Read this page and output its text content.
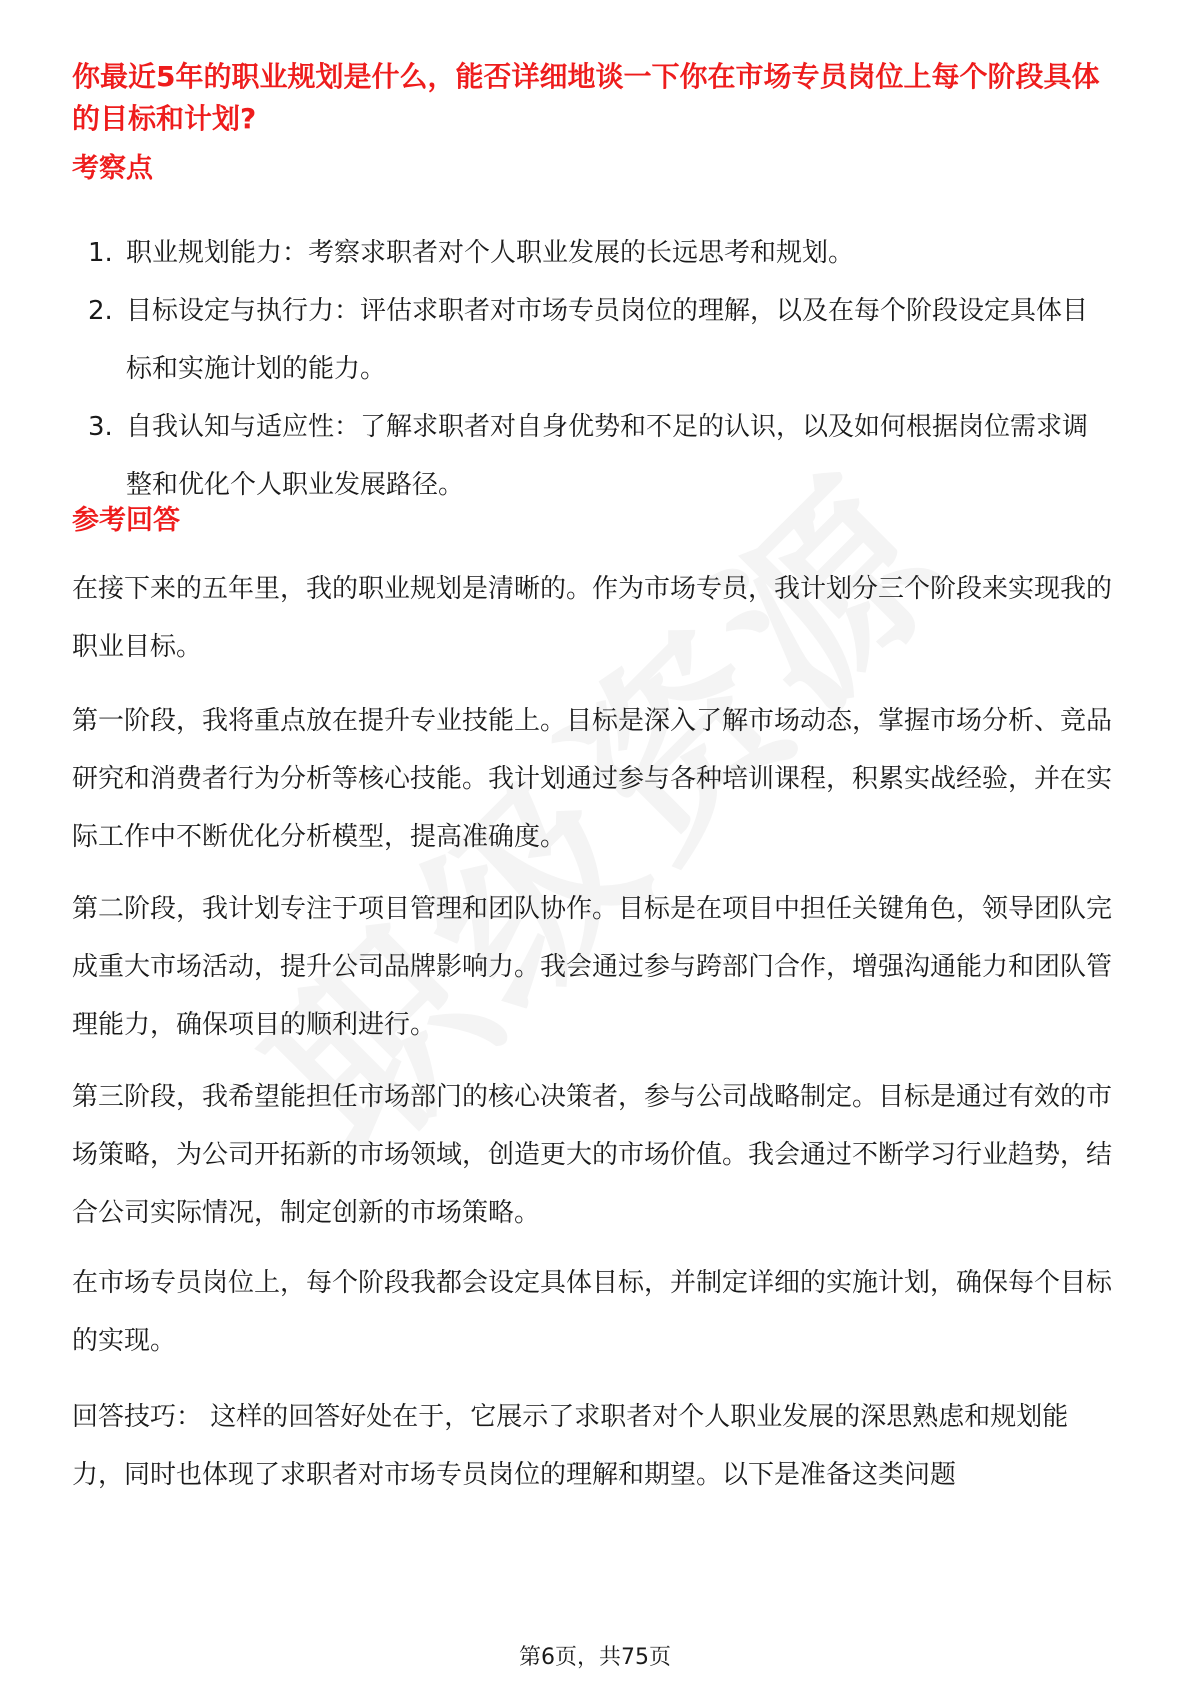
你最近5年的职业规划是什么，能否详细地谈一下你在市场专员岗位上每个阶段具体的目标和计划?
考察点
1. 职业规划能力：考察求职者对个人职业发展的长远思考和规划。
2. 目标设定与执行力：评估求职者对市场专员岗位的理解，以及在每个阶段设定具体目标和实施计划的能力。
3. 自我认知与适应性：了解求职者对自身优势和不足的认识，以及如何根据岗位需求调整和优化个人职业发展路径。
参考回答

在接下来的五年里，我的职业规划是清晰的。作为市场专员，我计划分三个阶段来实现我的职业目标。

第一阶段，我将重点放在提升专业技能上。目标是深入了解市场动态，掌握市场分析、竞品研究和消费者行为分析等核心技能。我计划通过参与各种培训课程，积累实战经验，并在实际工作中不断优化分析模型，提高准确度。

第二阶段，我计划专注于项目管理和团队协作。目标是在项目中担任关键角色，领导团队完成重大市场活动，提升公司品牌影响力。我会通过参与跨部门合作，增强沟通能力和团队管理能力，确保项目的顺利进行。

第三阶段，我希望能担任市场部门的核心决策者，参与公司战略制定。目标是通过有效的市场策略，为公司开拓新的市场领域，创造更大的市场价值。我会通过不断学习行业趋势，结合公司实际情况，制定创新的市场策略。

在市场专员岗位上，每个阶段我都会设定具体目标，并制定详细的实施计划，确保每个目标的实现。

回答技巧： 这样的回答好处在于，它展示了求职者对个人职业发展的深思熟虑和规划能力，同时也体现了求职者对市场专员岗位的理解和期望。以下是准备这类问题

第6页，共75页
